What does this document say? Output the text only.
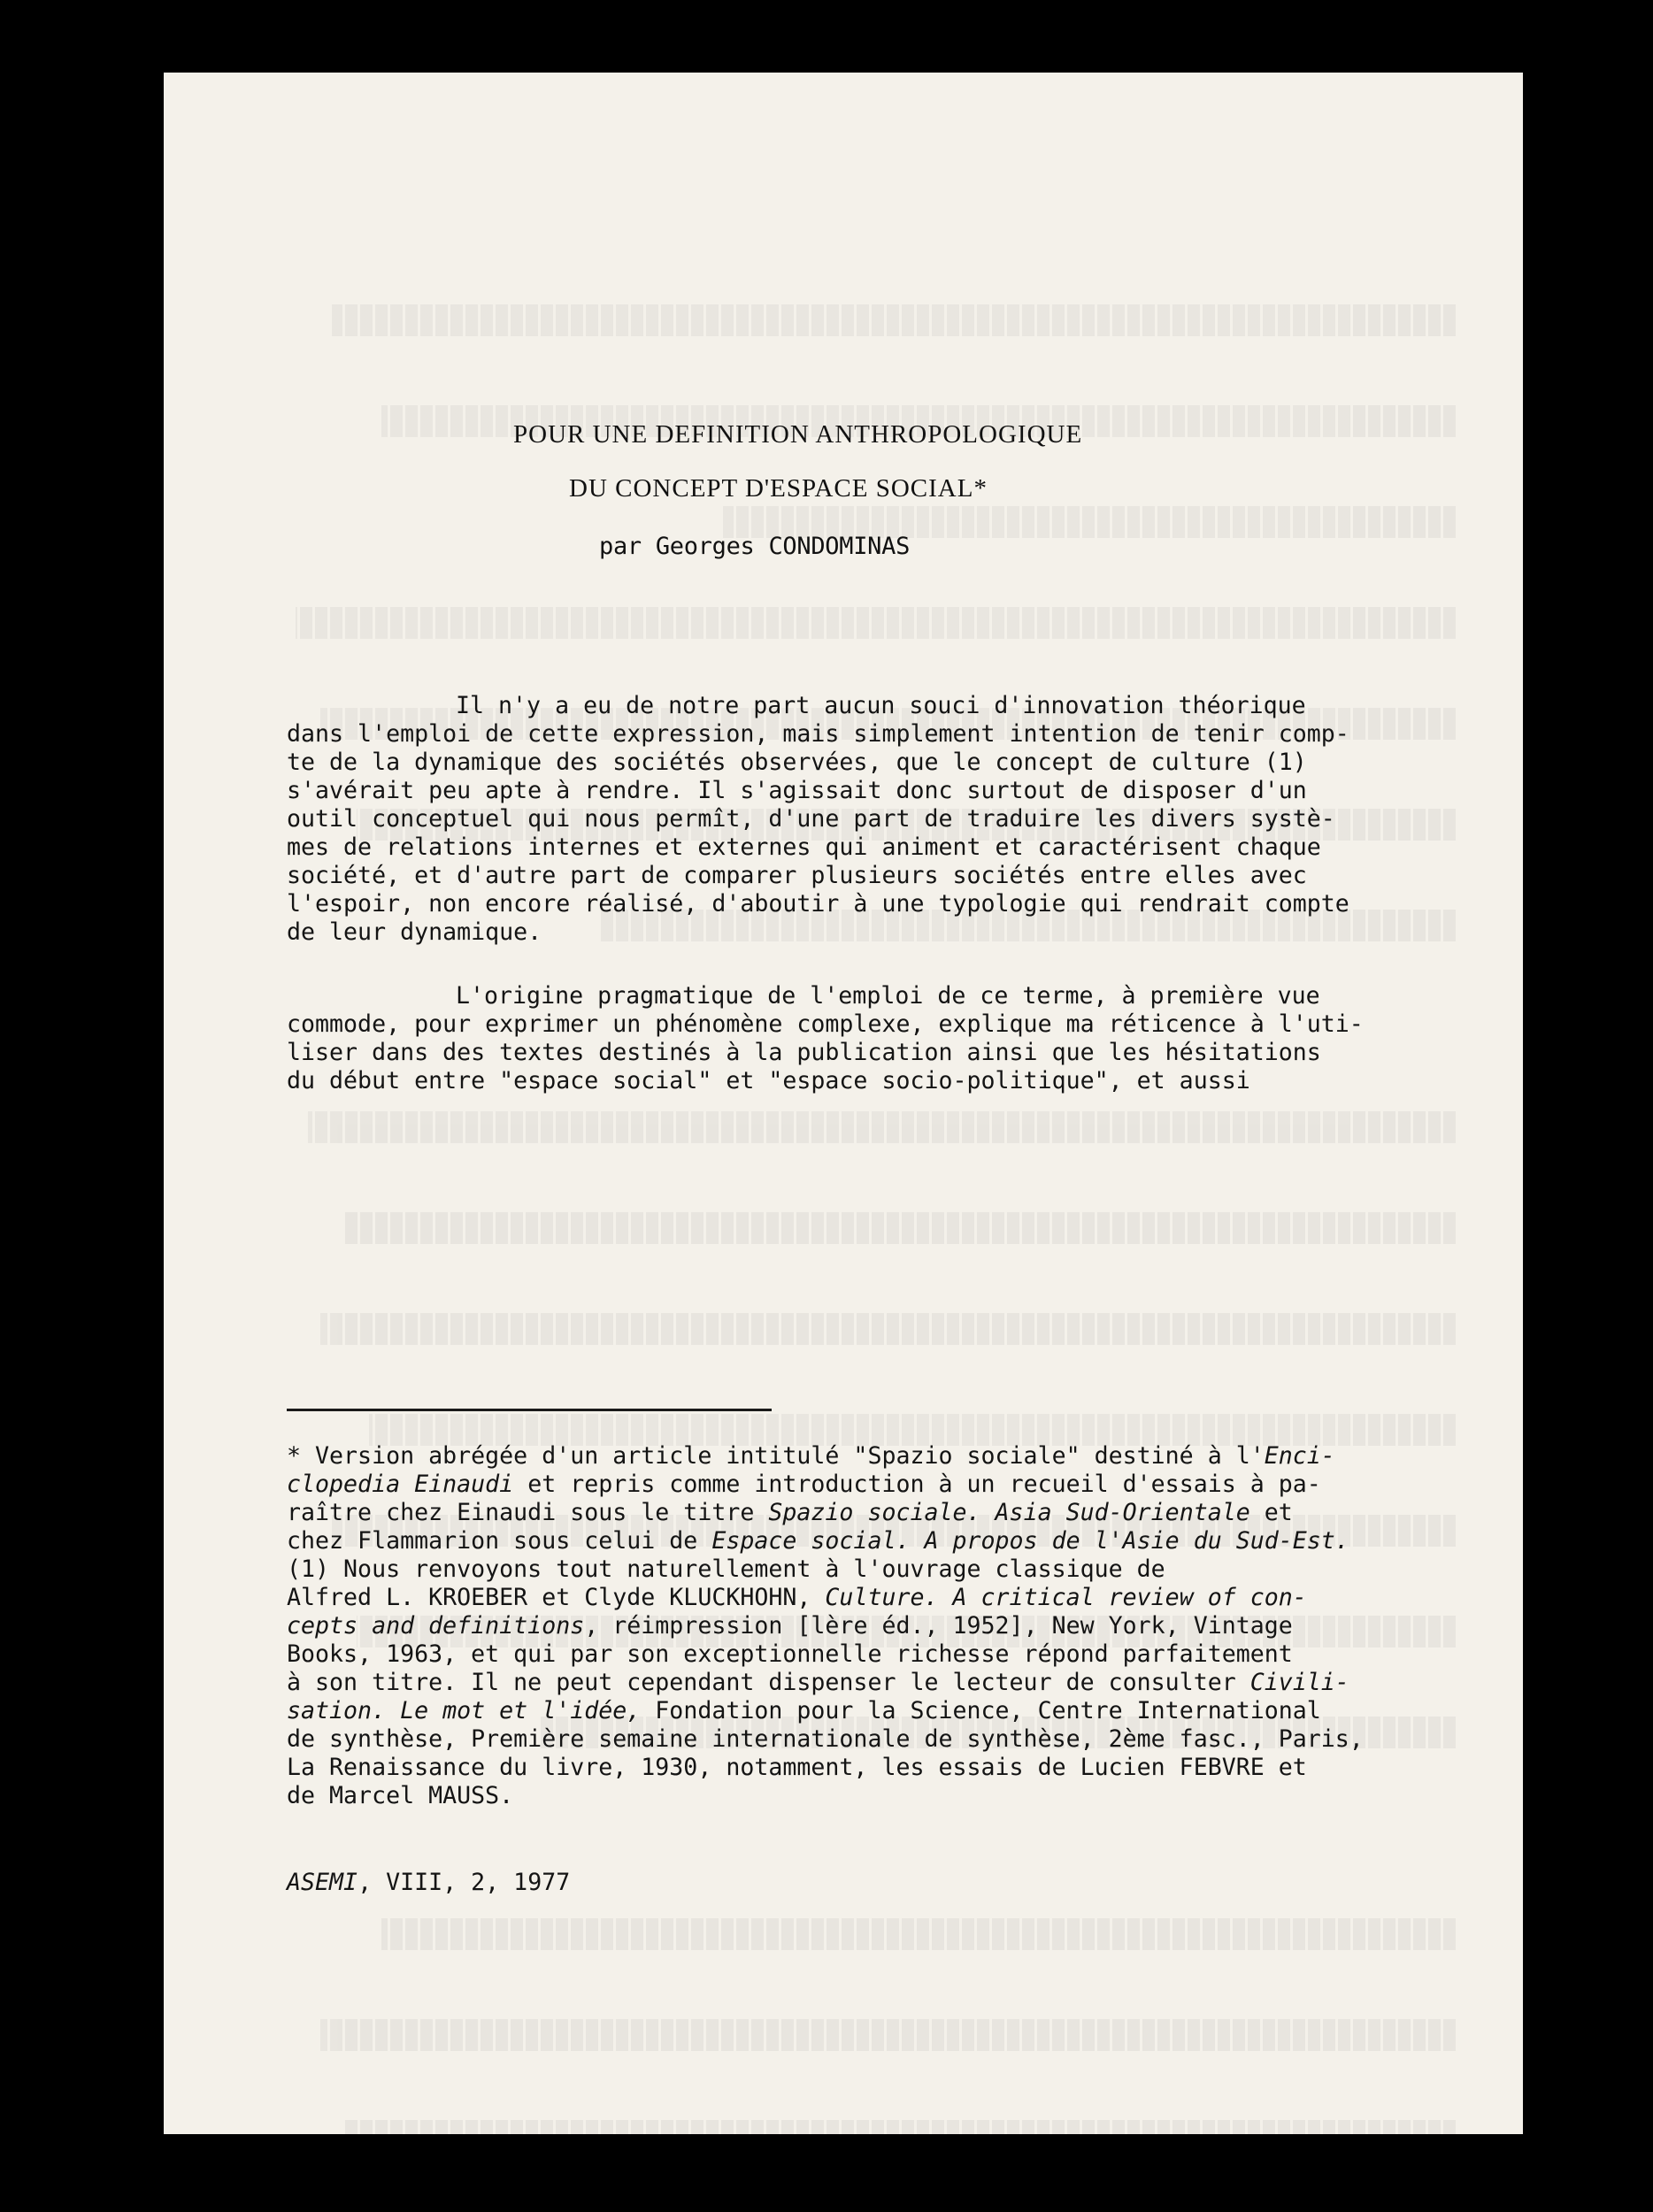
POUR UNE DEFINITION ANTHROPOLOGIQUE
DU CONCEPT D'ESPACE SOCIAL*
par Georges CONDOMINAS
Il n'y a eu de notre part aucun souci d'innovation théorique
dans l'emploi de cette expression, mais simplement intention de tenir comp-
te de la dynamique des sociétés observées, que le concept de culture (1)
s'avérait peu apte à rendre. Il s'agissait donc surtout de disposer d'un
outil conceptuel qui nous permît, d'une part de traduire les divers systè-
mes de relations internes et externes qui animent et caractérisent chaque
société, et d'autre part de comparer plusieurs sociétés entre elles avec
l'espoir, non encore réalisé, d'aboutir à une typologie qui rendrait compte
de leur dynamique.
L'origine pragmatique de l'emploi de ce terme, à première vue
commode, pour exprimer un phénomène complexe, explique ma réticence à l'uti-
liser dans des textes destinés à la publication ainsi que les hésitations
du début entre "espace social" et "espace socio-politique", et aussi
* Version abrégée d'un article intitulé "Spazio sociale" destiné à l'Enci-
clopedia Einaudi et repris comme introduction à un recueil d'essais à pa-
raître chez Einaudi sous le titre Spazio sociale. Asia Sud-Orientale et
chez Flammarion sous celui de Espace social. A propos de l'Asie du Sud-Est.
(1) Nous renvoyons tout naturellement à l'ouvrage classique de
Alfred L. KROEBER et Clyde KLUCKHOHN, Culture. A critical review of con-
cepts and definitions, réimpression [lère éd., 1952], New York, Vintage
Books, 1963, et qui par son exceptionnelle richesse répond parfaitement
à son titre. Il ne peut cependant dispenser le lecteur de consulter Civili-
sation. Le mot et l'idée, Fondation pour la Science, Centre International
de synthèse, Première semaine internationale de synthèse, 2ème fasc., Paris,
La Renaissance du livre, 1930, notamment, les essais de Lucien FEBVRE et
de Marcel MAUSS.
ASEMI, VIII, 2, 1977
